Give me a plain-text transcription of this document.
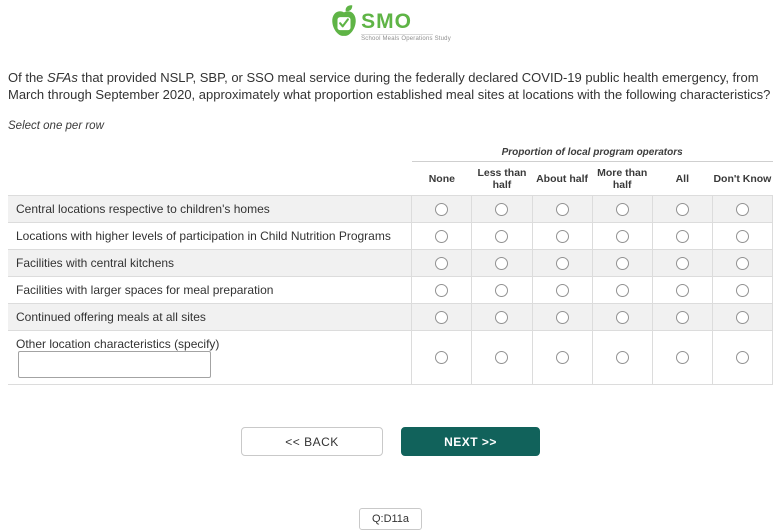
SMO
School Meals Operations Study
Of the SFAs that provided NSLP, SBP, or SSO meal service during the federally declared COVID-19 public health emergency, from March through September 2020, approximately what proportion established meal sites at locations with the following characteristics?
Select one per row
	Proportion of local program operators					
	None	Less than half	About half	More than half	All	Don't Know
Central locations respective to children's homes						
Locations with higher levels of participation in Child Nutrition Programs						
Facilities with central kitchens						
Facilities with larger spaces for meal preparation						
Continued offering meals at all sites						
Other location characteristics (specify)						
<< BACK	NEXT >>
Q:D11a
